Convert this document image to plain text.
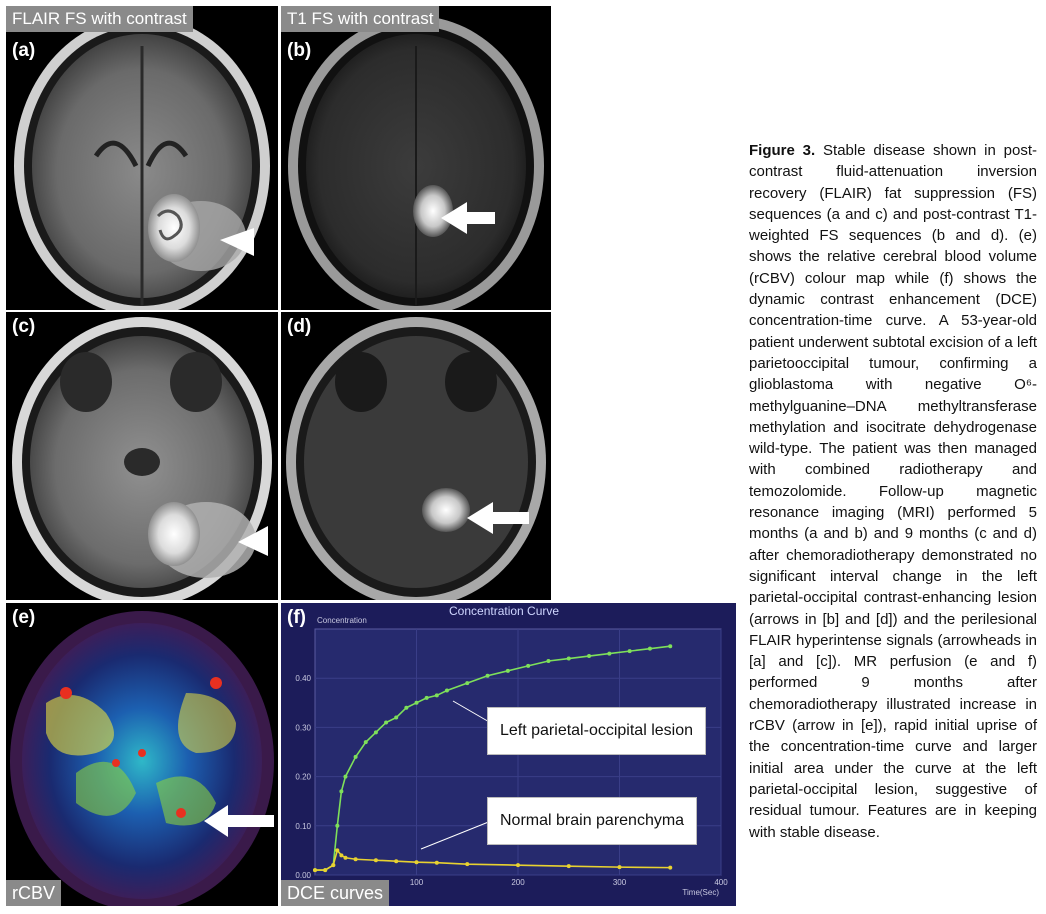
FLAIR FS with contrast
(a)
T1 FS with contrast
(b)
(c)	(d)
(e)
rCBV
0.00
0.10
0.20
0.30
0.40
100	200	300	400
Concentration
Time(Sec)
Concentration Curve
(f)
Left parietal-occipital lesion
Normal brain parenchyma
DCE curves
Figure 3. Stable disease shown in post-contrast fluid-attenuation inversion recovery (FLAIR) fat suppression (FS) sequences (a and c) and post-contrast T1-weighted FS sequences (b and d). (e) shows the relative cerebral blood volume (rCBV) colour map while (f) shows the dynamic contrast enhancement (DCE) concentration-time curve. A 53-year-old patient underwent subtotal excision of a left parietooccipital tumour, confirming a glioblastoma with negative O⁶-methylguanine–DNA methyltransferase methylation and isocitrate dehydrogenase wild-type. The patient was then managed with combined radiotherapy and temozolomide. Follow-up magnetic resonance imaging (MRI) performed 5 months (a and b) and 9 months (c and d) after chemoradiotherapy demonstrated no significant interval change in the left parietal-occipital contrast-enhancing lesion (arrows in [b] and [d]) and the perilesional FLAIR hyperintense signals (arrowheads in [a] and [c]). MR perfusion (e and f) performed 9 months after chemoradiotherapy illustrated increase in rCBV (arrow in [e]), rapid initial uprise of the concentration-time curve and larger initial area under the curve at the left parietal-occipital lesion, suggestive of residual tumour. Features are in keeping with stable disease.
